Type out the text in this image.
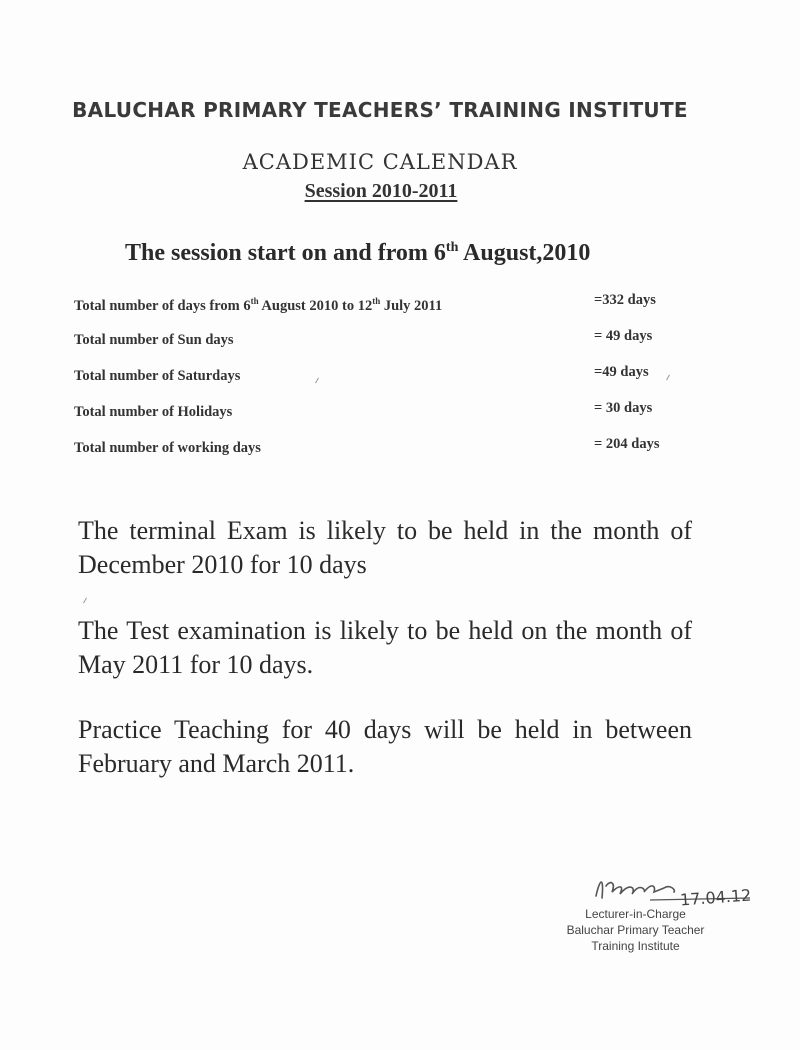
BALUCHAR PRIMARY TEACHERS’ TRAINING INSTITUTE
ACADEMIC CALENDAR
Session 2010-2011
The session start on and from 6th August,2010
Total number of days from 6th August 2010 to 12th July 2011	=332 days
Total number of Sun days	= 49 days
Total number of Saturdays	=49 days
Total number of Holidays	= 30 days
Total number of working days	= 204 days
The terminal Exam is likely to be held in the month of December 2010 for 10 days
The Test examination is likely to be held on the month of May 2011 for 10 days.
Practice Teaching for 40 days will be held in between February and March 2011.
17.04.12
Lecturer-in-Charge
Baluchar Primary Teacher
Training Institute
